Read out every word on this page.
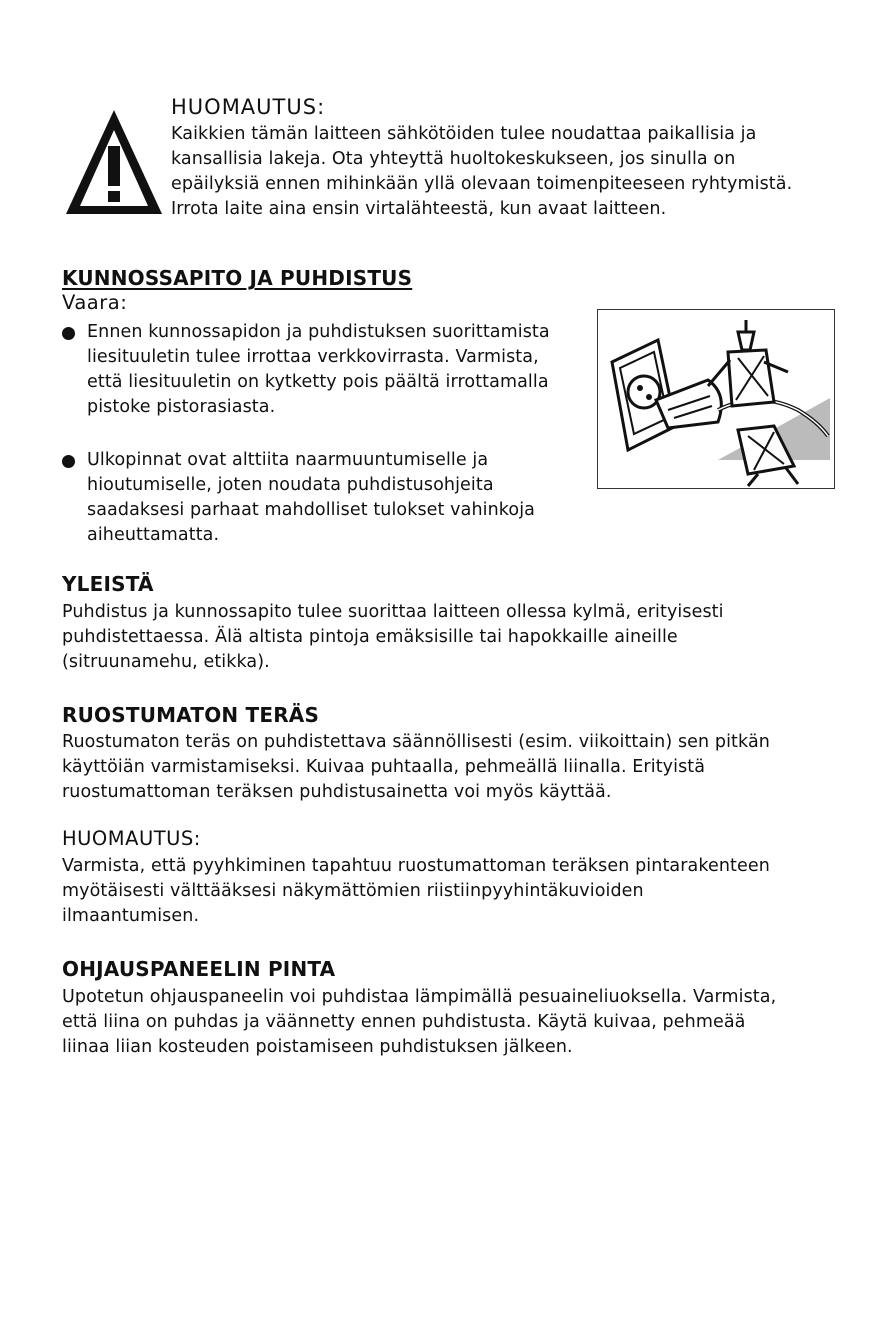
HUOMAUTUS:
Kaikkien tämän laitteen sähkötöiden tulee noudattaa paikallisia ja
kansallisia lakeja. Ota yhteyttä huoltokeskukseen, jos sinulla on
epäilyksiä ennen mihinkään yllä olevaan toimenpiteeseen ryhtymistä.
Irrota laite aina ensin virtalähteestä, kun avaat laitteen.
KUNNOSSAPITO JA PUHDISTUS
Vaara:
Ennen kunnossapidon ja puhdistuksen suorittamista
liesituuletin tulee irrottaa verkkovirrasta. Varmista,
että liesituuletin on kytketty pois päältä irrottamalla
pistoke pistorasiasta.
Ulkopinnat ovat alttiita naarmuuntumiselle ja
hioutumiselle, joten noudata puhdistusohjeita
saadaksesi parhaat mahdolliset tulokset vahinkoja
aiheuttamatta.
YLEISTÄ
Puhdistus ja kunnossapito tulee suorittaa laitteen ollessa kylmä, erityisesti
puhdistettaessa. Älä altista pintoja emäksisille tai hapokkaille aineille
(sitruunamehu, etikka).
RUOSTUMATON TERÄS
Ruostumaton teräs on puhdistettava säännöllisesti (esim. viikoittain) sen pitkän
käyttöiän varmistamiseksi. Kuivaa puhtaalla, pehmeällä liinalla. Erityistä
ruostumattoman teräksen puhdistusainetta voi myös käyttää.
HUOMAUTUS:
Varmista, että pyyhkiminen tapahtuu ruostumattoman teräksen pintarakenteen
myötäisesti välttääksesi näkymättömien riistiinpyyhintäkuvioiden
ilmaantumisen.
OHJAUSPANEELIN PINTA
Upotetun ohjauspaneelin voi puhdistaa lämpimällä pesuaineliuoksella. Varmista,
että liina on puhdas ja väännetty ennen puhdistusta. Käytä kuivaa, pehmeää
liinaa liian kosteuden poistamiseen puhdistuksen jälkeen.
